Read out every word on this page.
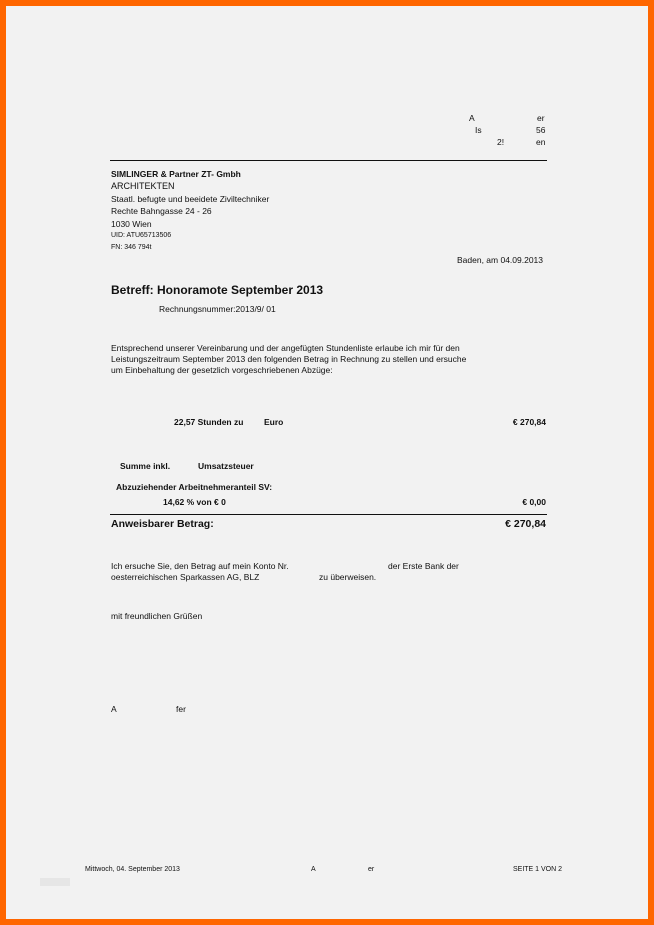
A	er
Is	56
2!	en
SIMLINGER & Partner ZT- Gmbh
ARCHITEKTEN
Staatl. befugte und beeidete Ziviltechniker
Rechte Bahngasse 24 - 26
1030 Wien
UID: ATU65713506
FN: 346 794t
Baden, am 04.09.2013
Betreff: Honoramote September 2013
Rechnungsnummer:2013/9/ 01
Entsprechend unserer Vereinbarung und der angefügten Stundenliste erlaube ich mir für den
Leistungszeitraum September 2013 den folgenden Betrag in Rechnung zu stellen und ersuche
um Einbehaltung der gesetzlich vorgeschriebenen Abzüge:
22,57 Stunden zu Euro	€ 270,84
Summe inkl.	Umsatzsteuer
Abzuziehender Arbeitnehmeranteil SV:
14,62 % von € 0	€ 0,00
Anweisbarer Betrag:	€ 270,84
Ich ersuche Sie, den Betrag auf mein Konto Nr.	der Erste Bank der
oesterreichischen Sparkassen AG, BLZ	zu überweisen.
mit freundlichen Grüßen
A	fer
Mittwoch, 04. September 2013	A	er	SEITE 1 VON 2
